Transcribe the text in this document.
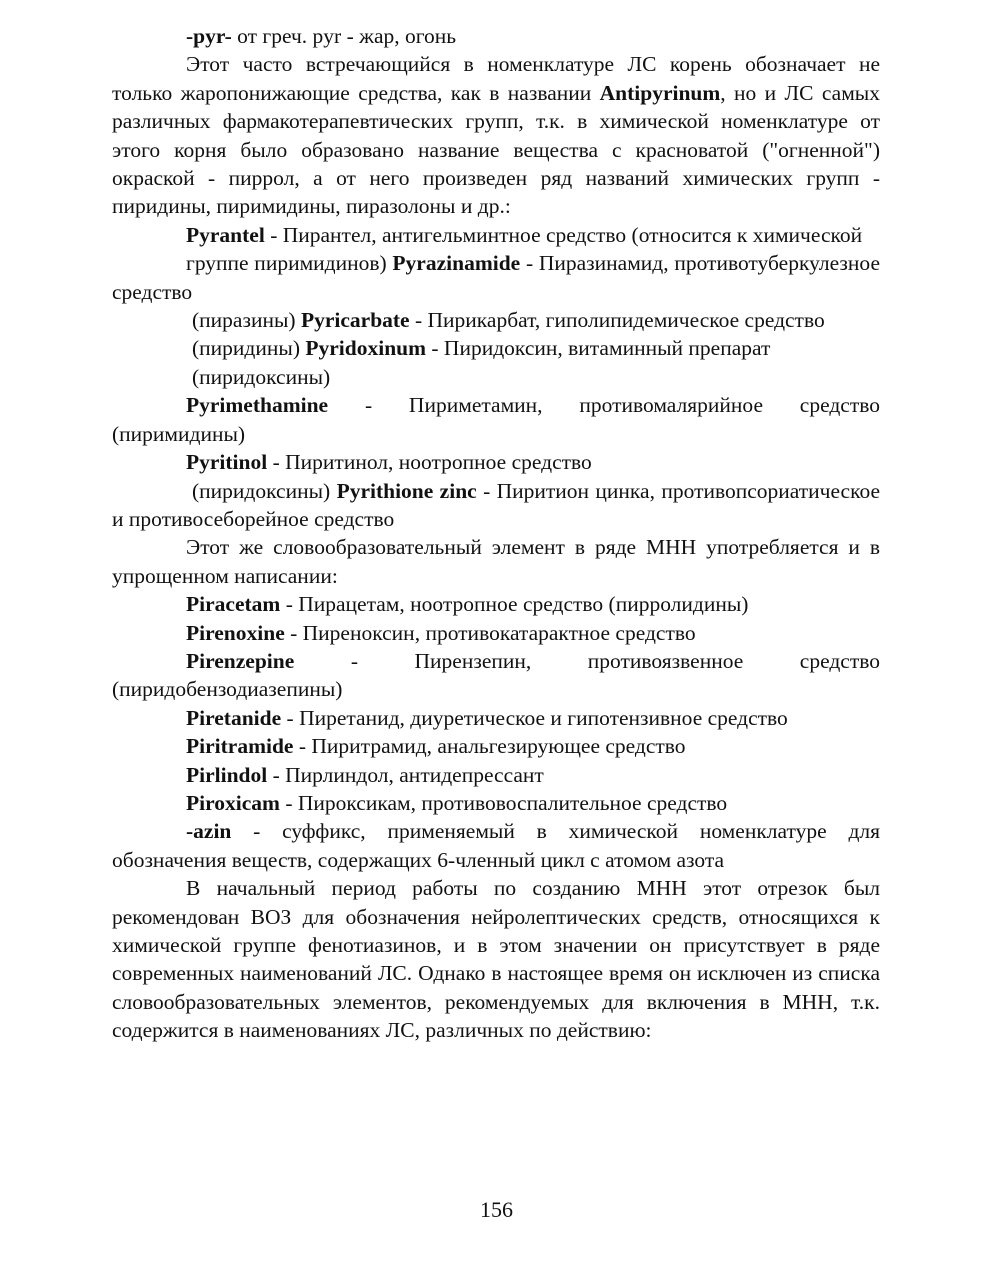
-pyr- от греч. pyr - жар, огонь

Этот часто встречающийся в номенклатуре ЛС корень обозначает не только жаропонижающие средства, как в названии Antipyrinum, но и ЛС самых различных фармакотерапевтических групп, т.к. в химической номенклатуре от этого корня было образовано название вещества с красноватой ("огненной") окраской - пиррол, а от него произведен ряд названий химических групп - пиридины, пиримидины, пиразолоны и др.:

Pyrantel - Пирантел, антигельминтное средство (относится к химической

группе пиримидинов) Pyrazinamide - Пиразинамид, противотуберкулезное средство

(пиразины) Pyricarbate - Пирикарбат, гиполипидемическое средство

(пиридины) Pyridoxinum - Пиридоксин, витаминный препарат

(пиридоксины)

Pyrimethamine - Пириметамин, противомалярийное средство (пиримидины)

Pyritinol - Пиритинол, ноотропное средство

(пиридоксины) Pyrithione zinc - Пиритион цинка, противопсориатическое и противосеборейное средство

Этот же словообразовательный элемент в ряде МНН употребляется и в упрощенном написании:

Piracetam - Пирацетам, ноотропное средство (пирролидины)

Pirenoxine - Пиреноксин, противокатарактное средство

Pirenzepine - Пирензепин, противоязвенное средство (пиридобензодиазепины)

Piretanide - Пиретанид, диуретическое и гипотензивное средство

Piritramide - Пиритрамид, анальгезирующее средство

Pirlindol - Пирлиндол, антидепрессант

Piroxicam - Пироксикам, противовоспалительное средство

-azin - суффикс, применяемый в химической номенклатуре для обозначения веществ, содержащих 6-членный цикл с атомом азота

В начальный период работы по созданию МНН этот отрезок был рекомендован ВОЗ для обозначения нейролептических средств, относящихся к химической группе фенотиазинов, и в этом значении он присутствует в ряде современных наименований ЛС. Однако в настоящее время он исключен из списка словообразовательных элементов, рекомендуемых для включения в МНН, т.к. содержится в наименованиях ЛС, различных по действию:

156
